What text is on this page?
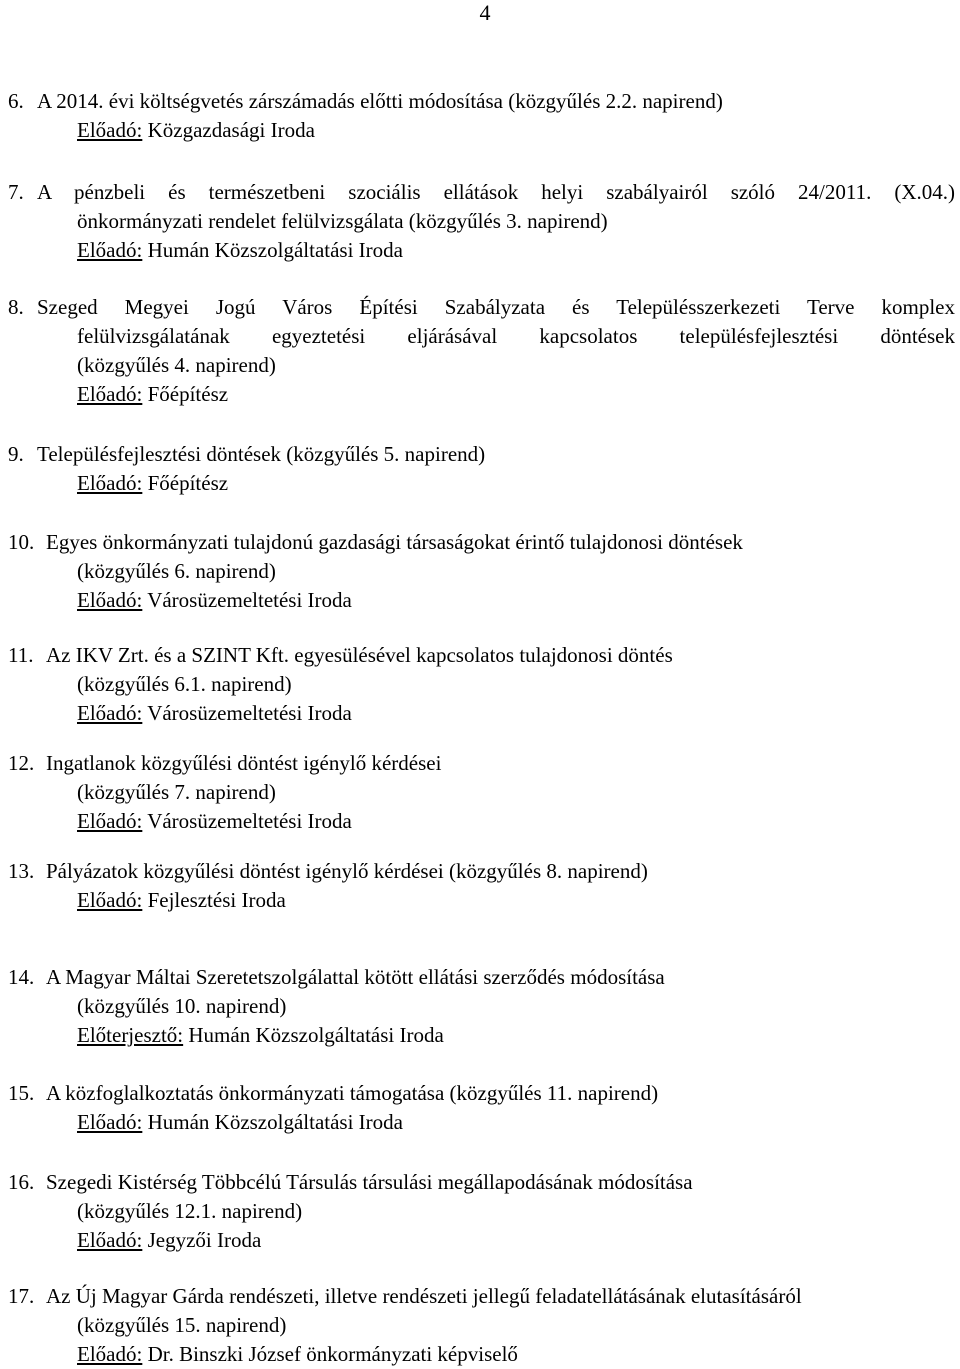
4
6. A 2014. évi költségvetés zárszámadás előtti módosítása (közgyűlés 2.2. napirend)
Előadó: Közgazdasági Iroda
7. A pénzbeli és természetbeni szociális ellátások helyi szabályairól szóló 24/2011. (X.04.)
önkormányzati rendelet felülvizsgálata (közgyűlés 3. napirend)
Előadó: Humán Közszolgáltatási Iroda
8. Szeged Megyei Jogú Város Építési Szabályzata és Településszerkezeti Terve komplex
felülvizsgálatának egyeztetési eljárásával kapcsolatos településfejlesztési döntések
(közgyűlés 4. napirend)
Előadó: Főépítész
9. Településfejlesztési döntések (közgyűlés 5. napirend)
Előadó: Főépítész
10. Egyes önkormányzati tulajdonú gazdasági társaságokat érintő tulajdonosi döntések
(közgyűlés 6. napirend)
Előadó: Városüzemeltetési Iroda
11. Az IKV Zrt. és a SZINT Kft. egyesülésével kapcsolatos tulajdonosi döntés
(közgyűlés 6.1. napirend)
Előadó: Városüzemeltetési Iroda
12. Ingatlanok közgyűlési döntést igénylő kérdései
(közgyűlés 7. napirend)
Előadó: Városüzemeltetési Iroda
13. Pályázatok közgyűlési döntést igénylő kérdései (közgyűlés 8. napirend)
Előadó: Fejlesztési Iroda
14. A Magyar Máltai Szeretetszolgálattal kötött ellátási szerződés módosítása
(közgyűlés 10. napirend)
Előterjesztő: Humán Közszolgáltatási Iroda
15. A közfoglalkoztatás önkormányzati támogatása (közgyűlés 11. napirend)
Előadó: Humán Közszolgáltatási Iroda
16. Szegedi Kistérség Többcélú Társulás társulási megállapodásának módosítása
(közgyűlés 12.1. napirend)
Előadó: Jegyzői Iroda
17. Az Új Magyar Gárda rendészeti, illetve rendészeti jellegű feladatellátásának elutasításáról
(közgyűlés 15. napirend)
Előadó: Dr. Binszki József önkormányzati képviselő
